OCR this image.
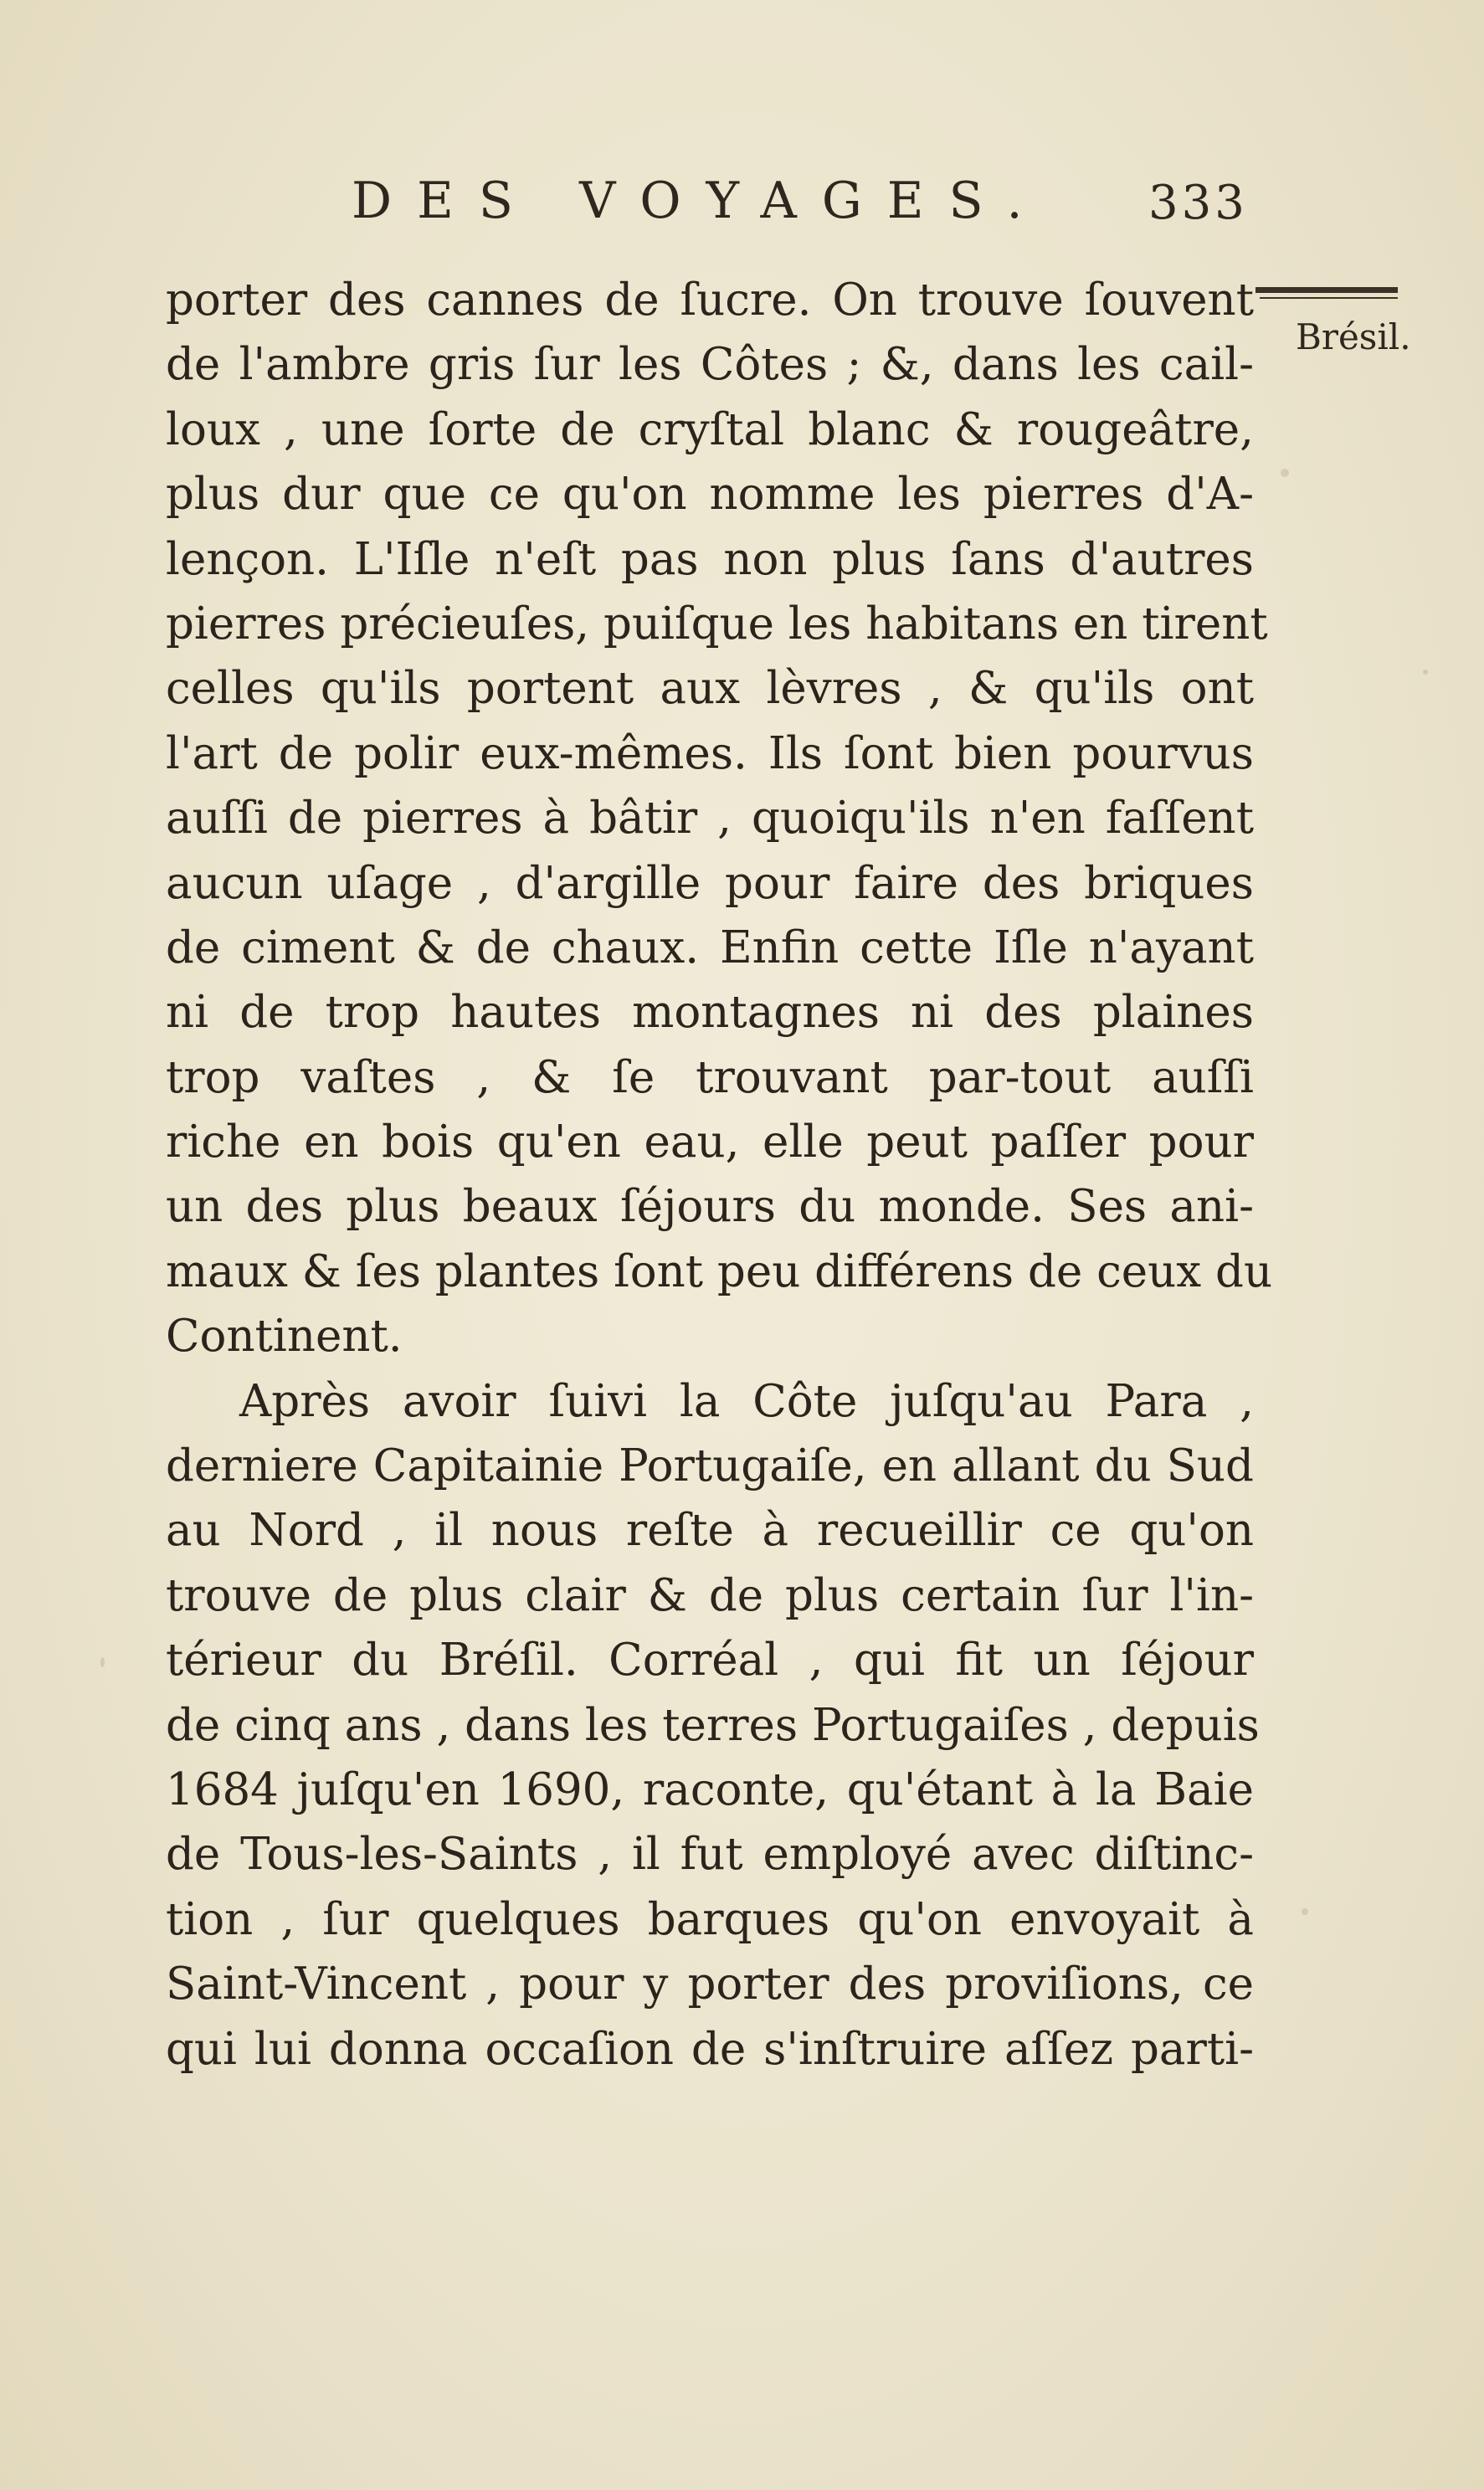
DES VOYAGES. 333
Brésil.
porter des cannes de ſucre. On trouve ſouvent
de l'ambre gris ſur les Côtes ; &, dans les cail-
loux , une ſorte de cryſtal blanc & rougeâtre,
plus dur que ce qu'on nomme les pierres d'A-
lençon. L'Iſle n'eſt pas non plus ſans d'autres
pierres précieuſes, puiſque les habitans en tirent
celles qu'ils portent aux lèvres , & qu'ils ont
l'art de polir eux-mêmes. Ils ſont bien pourvus
auſſi de pierres à bâtir , quoiqu'ils n'en faſſent
aucun uſage , d'argille pour faire des briques
de ciment & de chaux. Enfin cette Iſle n'ayant
ni de trop hautes montagnes ni des plaines
trop vaſtes , & ſe trouvant par-tout auſſi
riche en bois qu'en eau, elle peut paſſer pour
un des plus beaux ſéjours du monde. Ses ani-
maux & ſes plantes ſont peu différens de ceux du
Continent.
Après avoir ſuivi la Côte juſqu'au Para ,
derniere Capitainie Portugaiſe, en allant du Sud
au Nord , il nous reſte à recueillir ce qu'on
trouve de plus clair & de plus certain ſur l'in-
térieur du Bréſil. Corréal , qui fit un ſéjour
de cinq ans , dans les terres Portugaiſes , depuis
1684 juſqu'en 1690, raconte, qu'étant à la Baie
de Tous-les-Saints , il fut employé avec diſtinc-
tion , ſur quelques barques qu'on envoyait à
Saint-Vincent , pour y porter des proviſions, ce
qui lui donna occaſion de s'inſtruire aſſez parti-
